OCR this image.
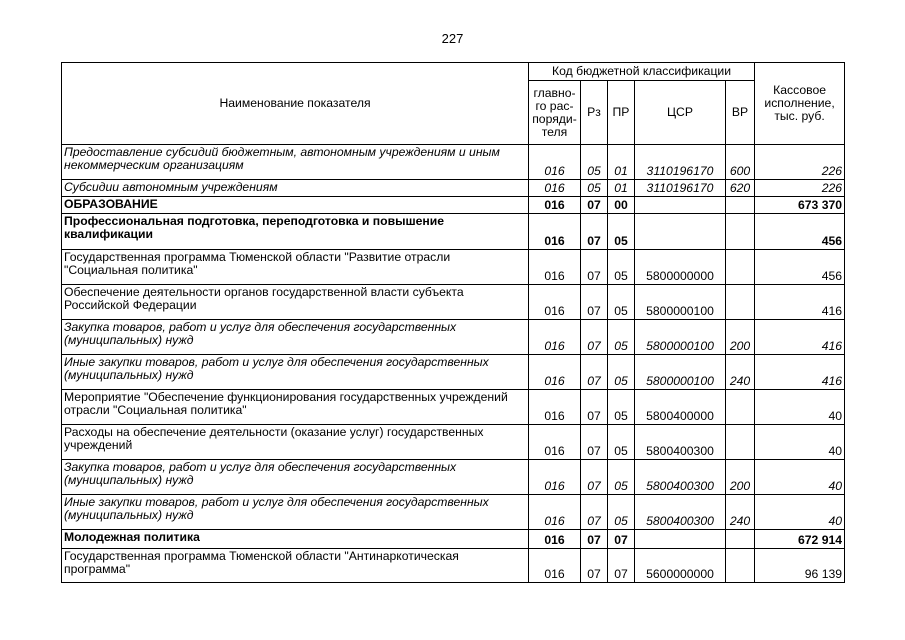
227
Наименование показателя	Код бюджетной классификации					Кассовое исполнение, тыс. руб.
	главно-го рас-поряди-теля	Рз	ПР	ЦСР	ВР	
Предоставление субсидий бюджетным, автономным учреждениям и иным некоммерческим организациям	016	05	01	3110196170	600	226
Субсидии автономным учреждениям	016	05	01	3110196170	620	226
ОБРАЗОВАНИЕ	016	07	00			673 370
Профессиональная подготовка, переподготовка и повышение квалификации	016	07	05			456
Государственная программа Тюменской области "Развитие отрасли "Социальная политика"	016	07	05	5800000000		456
Обеспечение деятельности органов государственной власти субъекта Российской Федерации	016	07	05	5800000100		416
Закупка товаров, работ и услуг для обеспечения государственных (муниципальных) нужд	016	07	05	5800000100	200	416
Иные закупки товаров, работ и услуг для обеспечения государственных (муниципальных) нужд	016	07	05	5800000100	240	416
Мероприятие "Обеспечение функционирования государственных учреждений отрасли "Социальная политика"	016	07	05	5800400000		40
Расходы на обеспечение деятельности (оказание услуг) государственных учреждений	016	07	05	5800400300		40
Закупка товаров, работ и услуг для обеспечения государственных (муниципальных) нужд	016	07	05	5800400300	200	40
Иные закупки товаров, работ и услуг для обеспечения государственных (муниципальных) нужд	016	07	05	5800400300	240	40
Молодежная политика	016	07	07			672 914
Государственная программа Тюменской области "Антинаркотическая программа"	016	07	07	5600000000		96 139
